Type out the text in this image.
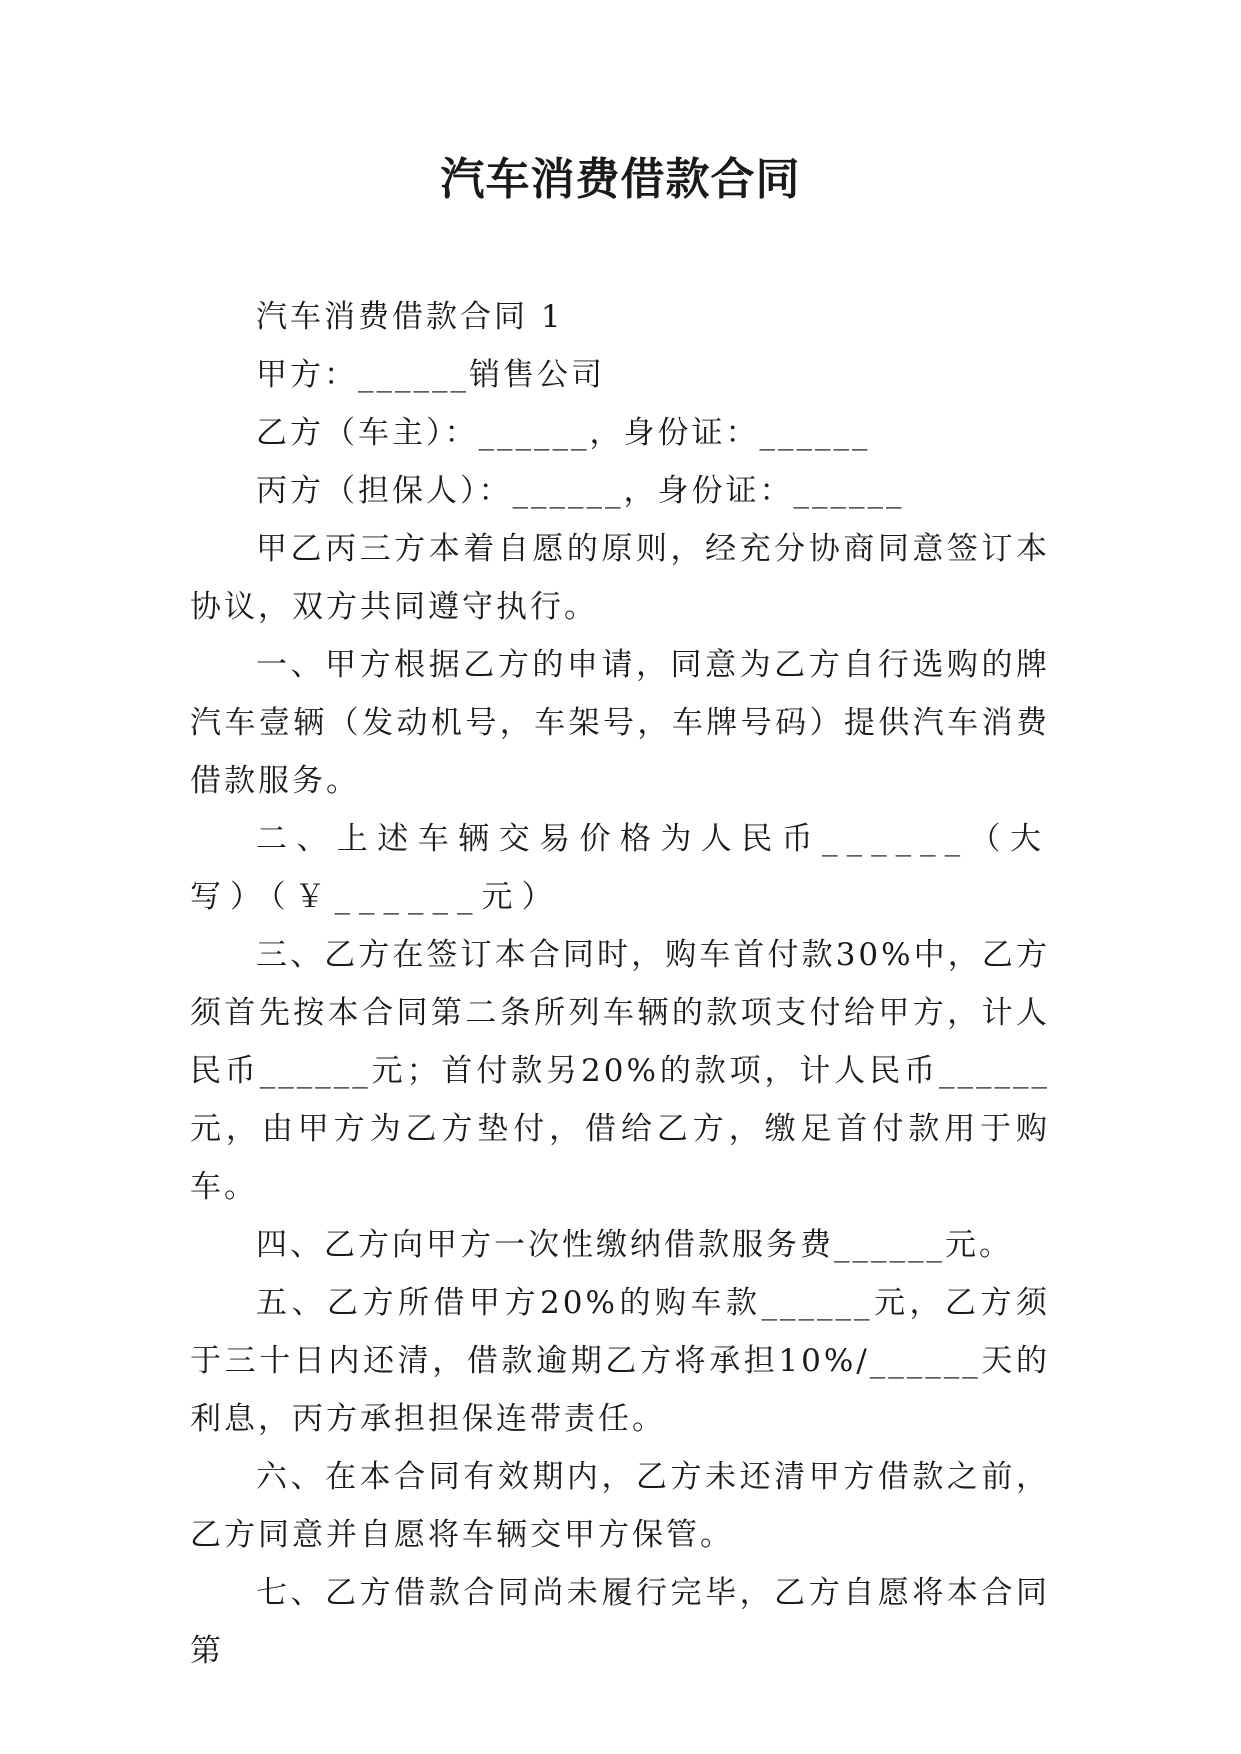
汽车消费借款合同

汽车消费借款合同 1

甲方：______销售公司

乙方（车主）：______，身份证：______

丙方（担保人）：______，身份证：______

甲乙丙三方本着自愿的原则，经充分协商同意签订本协议，双方共同遵守执行。

一、甲方根据乙方的申请，同意为乙方自行选购的牌汽车壹辆（发动机号，车架号，车牌号码）提供汽车消费借款服务。

二、上述车辆交易价格为人民币______（大写）（￥______元）

三、乙方在签订本合同时，购车首付款30%中，乙方须首先按本合同第二条所列车辆的款项支付给甲方，计人民币______元；首付款另20%的款项，计人民币______元，由甲方为乙方垫付，借给乙方，缴足首付款用于购车。

四、乙方向甲方一次性缴纳借款服务费______元。

五、乙方所借甲方20%的购车款______元，乙方须于三十日内还清，借款逾期乙方将承担10%/______天的利息，丙方承担担保连带责任。

六、在本合同有效期内，乙方未还清甲方借款之前，乙方同意并自愿将车辆交甲方保管。

七、乙方借款合同尚未履行完毕，乙方自愿将本合同第
